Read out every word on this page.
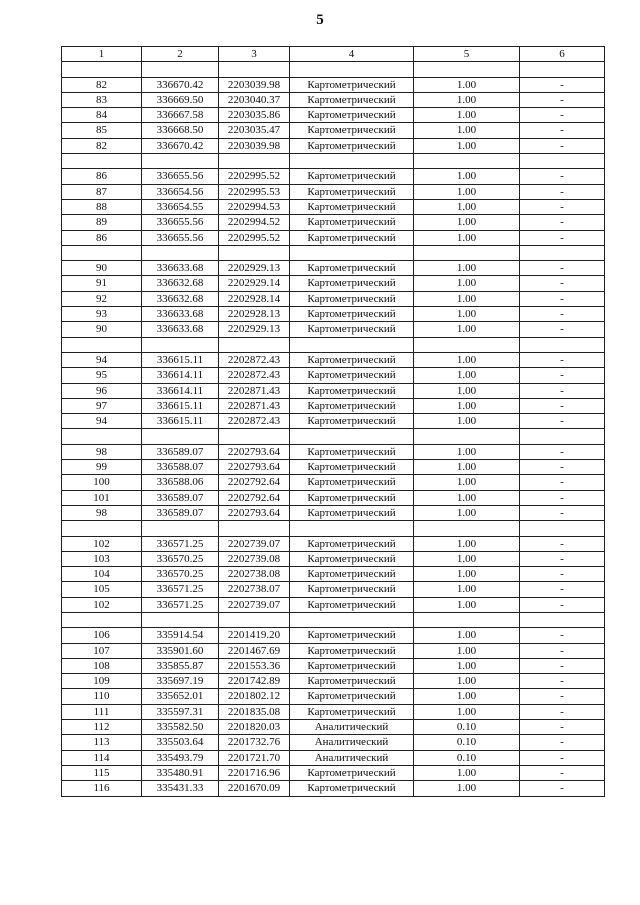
5
1	2	3	4	5	6

82	336670.42	2203039.98	Картометрический	1.00	-
83	336669.50	2203040.37	Картометрический	1.00	-
84	336667.58	2203035.86	Картометрический	1.00	-
85	336668.50	2203035.47	Картометрический	1.00	-
82	336670.42	2203039.98	Картометрический	1.00	-

86	336655.56	2202995.52	Картометрический	1.00	-
87	336654.56	2202995.53	Картометрический	1.00	-
88	336654.55	2202994.53	Картометрический	1.00	-
89	336655.56	2202994.52	Картометрический	1.00	-
86	336655.56	2202995.52	Картометрический	1.00	-

90	336633.68	2202929.13	Картометрический	1.00	-
91	336632.68	2202929.14	Картометрический	1.00	-
92	336632.68	2202928.14	Картометрический	1.00	-
93	336633.68	2202928.13	Картометрический	1.00	-
90	336633.68	2202929.13	Картометрический	1.00	-

94	336615.11	2202872.43	Картометрический	1.00	-
95	336614.11	2202872.43	Картометрический	1.00	-
96	336614.11	2202871.43	Картометрический	1.00	-
97	336615.11	2202871.43	Картометрический	1.00	-
94	336615.11	2202872.43	Картометрический	1.00	-

98	336589.07	2202793.64	Картометрический	1.00	-
99	336588.07	2202793.64	Картометрический	1.00	-
100	336588.06	2202792.64	Картометрический	1.00	-
101	336589.07	2202792.64	Картометрический	1.00	-
98	336589.07	2202793.64	Картометрический	1.00	-

102	336571.25	2202739.07	Картометрический	1.00	-
103	336570.25	2202739.08	Картометрический	1.00	-
104	336570.25	2202738.08	Картометрический	1.00	-
105	336571.25	2202738.07	Картометрический	1.00	-
102	336571.25	2202739.07	Картометрический	1.00	-

106	335914.54	2201419.20	Картометрический	1.00	-
107	335901.60	2201467.69	Картометрический	1.00	-
108	335855.87	2201553.36	Картометрический	1.00	-
109	335697.19	2201742.89	Картометрический	1.00	-
110	335652.01	2201802.12	Картометрический	1.00	-
111	335597.31	2201835.08	Картометрический	1.00	-
112	335582.50	2201820.03	Аналитический	0.10	-
113	335503.64	2201732.76	Аналитический	0.10	-
114	335493.79	2201721.70	Аналитический	0.10	-
115	335480.91	2201716.96	Картометрический	1.00	-
116	335431.33	2201670.09	Картометрический	1.00	-
